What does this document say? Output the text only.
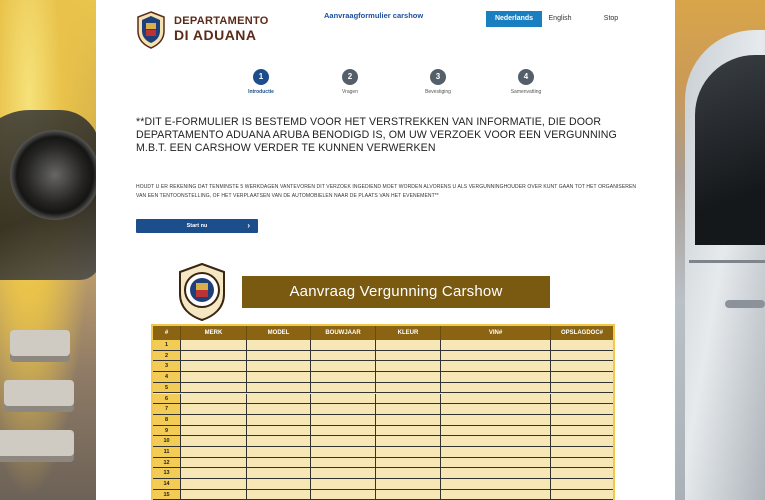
DEPARTAMENTO
DI ADUANA
Aanvraagformulier carshow	Nederlands	English	Stop
1
Introductie
2
Vragen
3
Bevestiging
4
Samenvatting
**DIT E-FORMULIER IS BESTEMD VOOR HET VERSTREKKEN VAN INFORMATIE, DIE DOOR DEPARTAMENTO ADUANA ARUBA BENODIGD IS, OM UW VERZOEK VOOR EEN VERGUNNING M.B.T. EEN CARSHOW VERDER TE KUNNEN VERWERKEN
HOUDT U ER REKENING DAT TENMINSTE 5 WERKDAGEN VANTEVOREN DIT VERZOEK INGEDIEND MOET WORDEN ALVORENS U ALS VERGUNNINGHOUDER OVER KUNT GAAN TOT HET ORGANISEREN VAN EEN TENTOONSTELLING, OF HET VERPLAATSEN VAN DE AUTOMOBIELEN NAAR DE PLAATS VAN HET EVENEMENT**
Start nu	›
Aanvraag Vergunning Carshow
#	MERK	MODEL	BOUWJAAR	KLEUR	VIN#	OPSLAGDOC#
1
2
3
4
5
6
7
8
9
10
11
12
13
14
15
